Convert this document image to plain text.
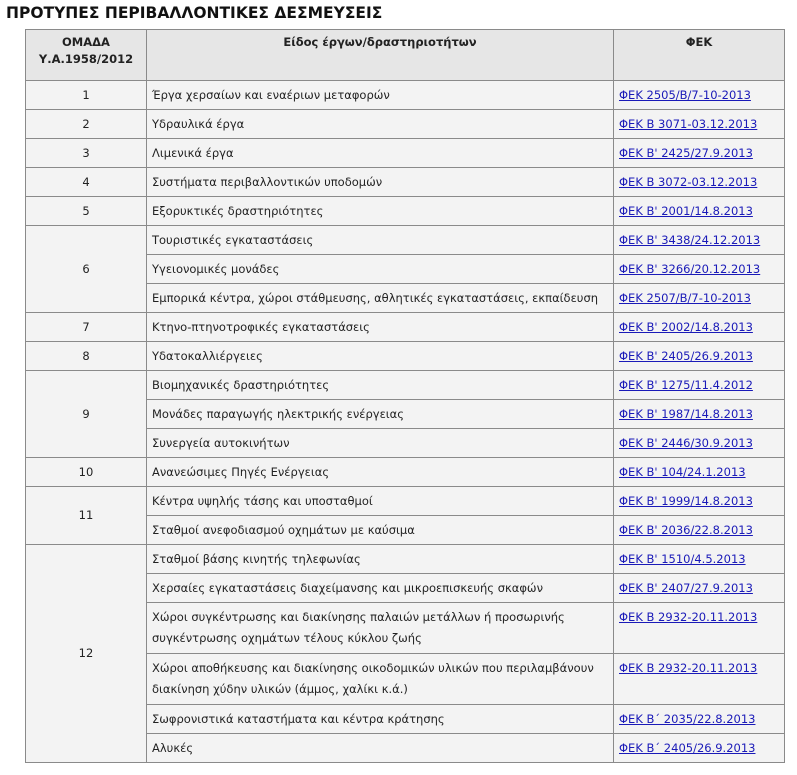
ΠΡΟΤΥΠΕΣ ΠΕΡΙΒΑΛΛΟΝΤΙΚΕΣ ΔΕΣΜΕΥΣΕΙΣ
ΟΜΑΔΑ
Υ.Α.1958/2012	Είδος έργων/δραστηριοτήτων	ΦΕΚ

1	Έργα χερσαίων και εναέριων μεταφορών	ΦΕΚ 2505/Β/7-10-2013
2	Υδραυλικά έργα	ΦΕΚ Β 3071-03.12.2013
3	Λιμενικά έργα	ΦΕΚ Β' 2425/27.9.2013
4	Συστήματα περιβαλλοντικών υποδομών	ΦΕΚ Β 3072-03.12.2013
5	Εξορυκτικές δραστηριότητες	ΦΕΚ Β' 2001/14.8.2013
6	Τουριστικές εγκαταστάσεις	ΦΕΚ Β' 3438/24.12.2013
	Υγειονομικές μονάδες	ΦΕΚ Β' 3266/20.12.2013
	Εμπορικά κέντρα, χώροι στάθμευσης, αθλητικές εγκαταστάσεις, εκπαίδευση	ΦΕΚ 2507/Β/7-10-2013
7	Κτηνο-πτηνοτροφικές εγκαταστάσεις	ΦΕΚ Β' 2002/14.8.2013
8	Υδατοκαλλιέργειες	ΦΕΚ Β' 2405/26.9.2013
9	Βιομηχανικές δραστηριότητες	ΦΕΚ Β' 1275/11.4.2012
	Μονάδες παραγωγής ηλεκτρικής ενέργειας	ΦΕΚ Β' 1987/14.8.2013
	Συνεργεία αυτοκινήτων	ΦΕΚ Β' 2446/30.9.2013
10	Ανανεώσιμες Πηγές Ενέργειας	ΦΕΚ Β' 104/24.1.2013
11	Κέντρα υψηλής τάσης και υποσταθμοί	ΦΕΚ Β' 1999/14.8.2013
	Σταθμοί ανεφοδιασμού οχημάτων με καύσιμα	ΦΕΚ Β' 2036/22.8.2013
12	Σταθμοί βάσης κινητής τηλεφωνίας	ΦΕΚ Β' 1510/4.5.2013
	Χερσαίες εγκαταστάσεις διαχείμανσης και μικροεπισκευής σκαφών	ΦΕΚ Β' 2407/27.9.2013
	Χώροι συγκέντρωσης και διακίνησης παλαιών μετάλλων ή προσωρινής συγκέντρωσης οχημάτων τέλους κύκλου ζωής	ΦΕΚ Β 2932-20.11.2013
	Χώροι αποθήκευσης και διακίνησης οικοδομικών υλικών που περιλαμβάνουν διακίνηση χύδην υλικών (άμμος, χαλίκι κ.ά.)	ΦΕΚ Β 2932-20.11.2013
	Σωφρονιστικά καταστήματα και κέντρα κράτησης	ΦΕΚ Β΄ 2035/22.8.2013
	Αλυκές	ΦΕΚ Β΄ 2405/26.9.2013
